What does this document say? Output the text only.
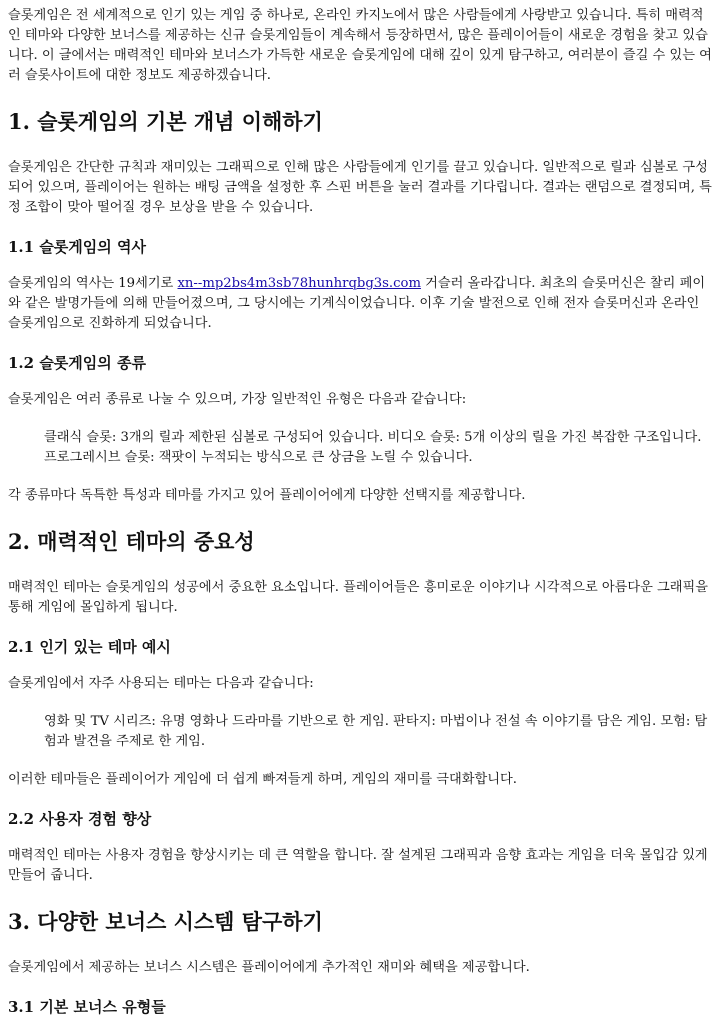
슬롯게임은 전 세계적으로 인기 있는 게임 중 하나로, 온라인 카지노에서 많은 사람들에게 사랑받고 있습니다. 특히 매력적인 테마와 다양한 보너스를 제공하는 신규 슬롯게임들이 계속해서 등장하면서, 많은 플레이어들이 새로운 경험을 찾고 있습니다. 이 글에서는 매력적인 테마와 보너스가 가득한 새로운 슬롯게임에 대해 깊이 있게 탐구하고, 여러분이 즐길 수 있는 여러 슬롯사이트에 대한 정보도 제공하겠습니다.

1. 슬롯게임의 기본 개념 이해하기

슬롯게임은 간단한 규칙과 재미있는 그래픽으로 인해 많은 사람들에게 인기를 끌고 있습니다. 일반적으로 릴과 심볼로 구성되어 있으며, 플레이어는 원하는 배팅 금액을 설정한 후 스핀 버튼을 눌러 결과를 기다립니다. 결과는 랜덤으로 결정되며, 특정 조합이 맞아 떨어질 경우 보상을 받을 수 있습니다.

1.1 슬롯게임의 역사

슬롯게임의 역사는 19세기로 xn--mp2bs4m3sb78hunhrqbg3s.com 거슬러 올라갑니다. 최초의 슬롯머신은 찰리 페이와 같은 발명가들에 의해 만들어졌으며, 그 당시에는 기계식이었습니다. 이후 기술 발전으로 인해 전자 슬롯머신과 온라인 슬롯게임으로 진화하게 되었습니다.

1.2 슬롯게임의 종류

슬롯게임은 여러 종류로 나눌 수 있으며, 가장 일반적인 유형은 다음과 같습니다:

클래식 슬롯: 3개의 릴과 제한된 심볼로 구성되어 있습니다. 비디오 슬롯: 5개 이상의 릴을 가진 복잡한 구조입니다. 프로그레시브 슬롯: 잭팟이 누적되는 방식으로 큰 상금을 노릴 수 있습니다.

각 종류마다 독특한 특성과 테마를 가지고 있어 플레이어에게 다양한 선택지를 제공합니다.

2. 매력적인 테마의 중요성

매력적인 테마는 슬롯게임의 성공에서 중요한 요소입니다. 플레이어들은 흥미로운 이야기나 시각적으로 아름다운 그래픽을 통해 게임에 몰입하게 됩니다.

2.1 인기 있는 테마 예시

슬롯게임에서 자주 사용되는 테마는 다음과 같습니다:

영화 및 TV 시리즈: 유명 영화나 드라마를 기반으로 한 게임. 판타지: 마법이나 전설 속 이야기를 담은 게임. 모험: 탐험과 발견을 주제로 한 게임.

이러한 테마들은 플레이어가 게임에 더 쉽게 빠져들게 하며, 게임의 재미를 극대화합니다.

2.2 사용자 경험 향상

매력적인 테마는 사용자 경험을 향상시키는 데 큰 역할을 합니다. 잘 설계된 그래픽과 음향 효과는 게임을 더욱 몰입감 있게 만들어 줍니다.

3. 다양한 보너스 시스템 탐구하기

슬롯게임에서 제공하는 보너스 시스템은 플레이어에게 추가적인 재미와 혜택을 제공합니다.

3.1 기본 보너스 유형들
